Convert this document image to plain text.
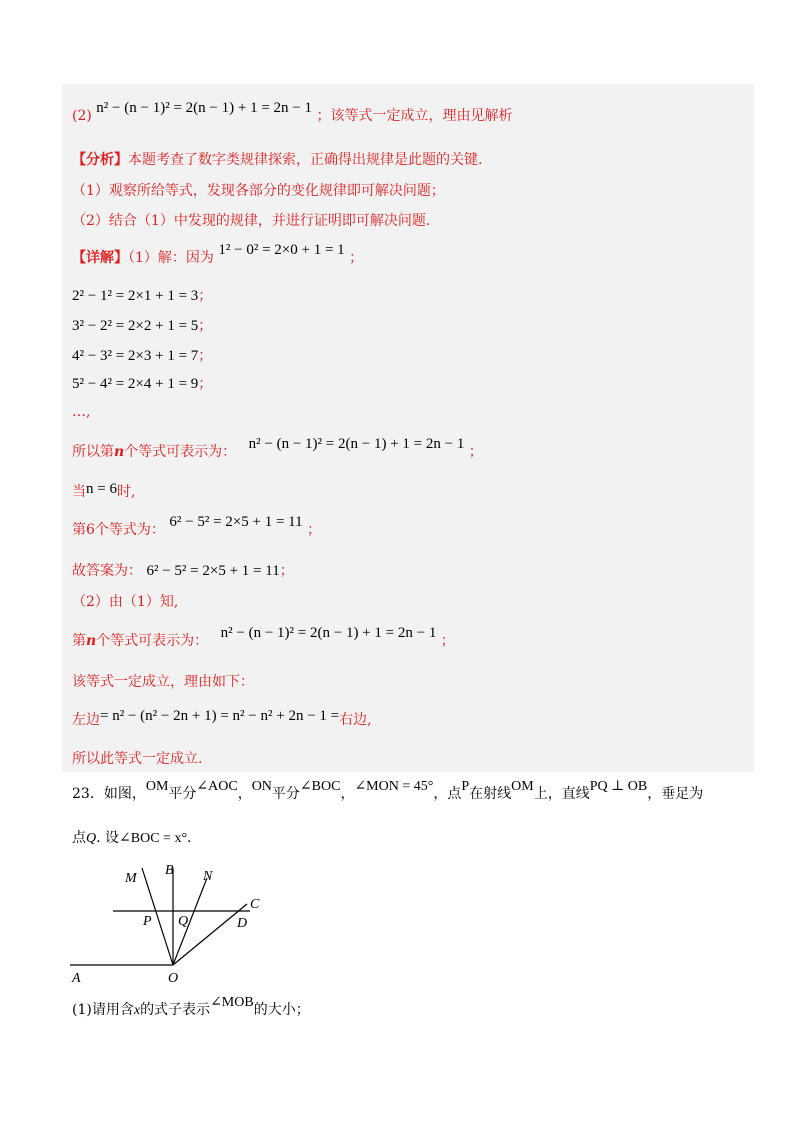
(2) n² − (n − 1)² = 2(n − 1) + 1 = 2n − 1 ；该等式一定成立，理由见解析
【分析】本题考查了数字类规律探索，正确得出规律是此题的关键.
（1）观察所给等式，发现各部分的变化规律即可解决问题；
（2）结合（1）中发现的规律，并进行证明即可解决问题.
【详解】（1）解：因为 1² − 0² = 2×0 + 1 = 1 ；
2² − 1² = 2×1 + 1 = 3；
3² − 2² = 2×2 + 1 = 5；
4² − 3² = 2×3 + 1 = 7；
5² − 4² = 2×4 + 1 = 9；
…,
所以第n个等式可表示为： n² − (n − 1)² = 2(n − 1) + 1 = 2n − 1 ；
当n = 6时,
第6个等式为： 6² − 5² = 2×5 + 1 = 11 ；
故答案为： 6² − 5² = 2×5 + 1 = 11；
（2）由（1）知,
第n个等式可表示为： n² − (n − 1)² = 2(n − 1) + 1 = 2n − 1 ；
该等式一定成立，理由如下：
左边= n² − (n² − 2n + 1) = n² − n² + 2n − 1 =右边,
所以此等式一定成立.
23．如图，OM平分∠AOC，ON平分∠BOC，∠MON = 45°，点P在射线OM上，直线PQ ⊥ OB，垂足为
点Q. 设∠BOC = x°.
M
B N
C
P Q	D
A	O
(1)请用含x的式子表示∠MOB的大小；
